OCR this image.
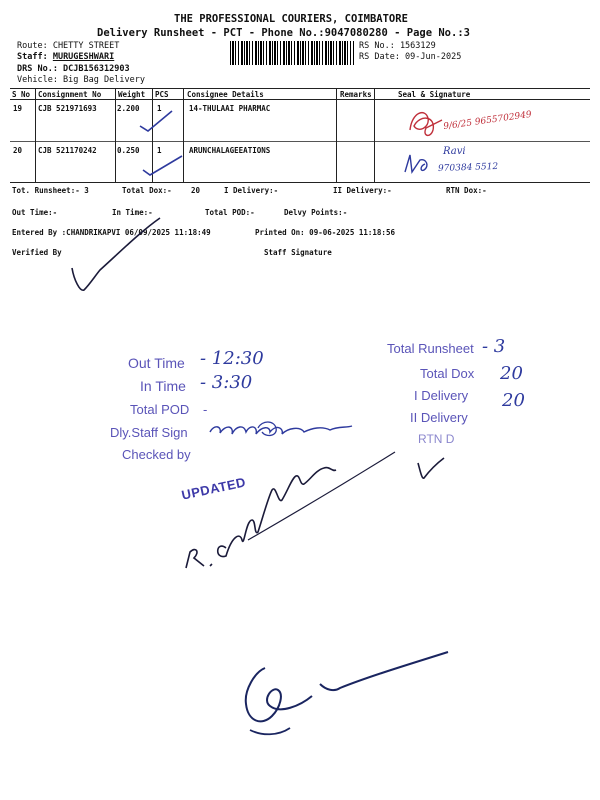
THE PROFESSIONAL COURIERS, COIMBATORE
Delivery Runsheet - PCT - Phone No.:9047080280 - Page No.:3
Route: CHETTY STREET
Staff: MURUGESHWARI
DRS No.: DCJB156312903
Vehicle: Big Bag Delivery
RS No.: 1563129
RS Date: 09-Jun-2025
S No Consignment No Weight PCS Consignee Details	Remarks	Seal & Signature
19 CJB 521971693	2.200 1	14-THULAAI PHARMAC
20 CJB 521170242	0.250 1	ARUNCHALAGEEATIONS
9/6/25 9655702949
Ravi
970384 5512
Tot. Runsheet:- 3	Total Dox:-	20	I Delivery:-	II Delivery:-	RTN Dox:-
Out Time:-	In Time:-	Total POD:-	Delvy Points:-
Entered By :CHANDRIKAPVI 06/09/2025 11:18:49	Printed On: 09-06-2025 11:18:56
Verified By	Staff Signature
Out Time - 12:30
In Time - 3:30
Total POD -
Dly.Staff Sign
Checked by
Total Runsheet - 3
Total Dox 20
I Delivery 20
II Delivery
RTN D
UPDATED
